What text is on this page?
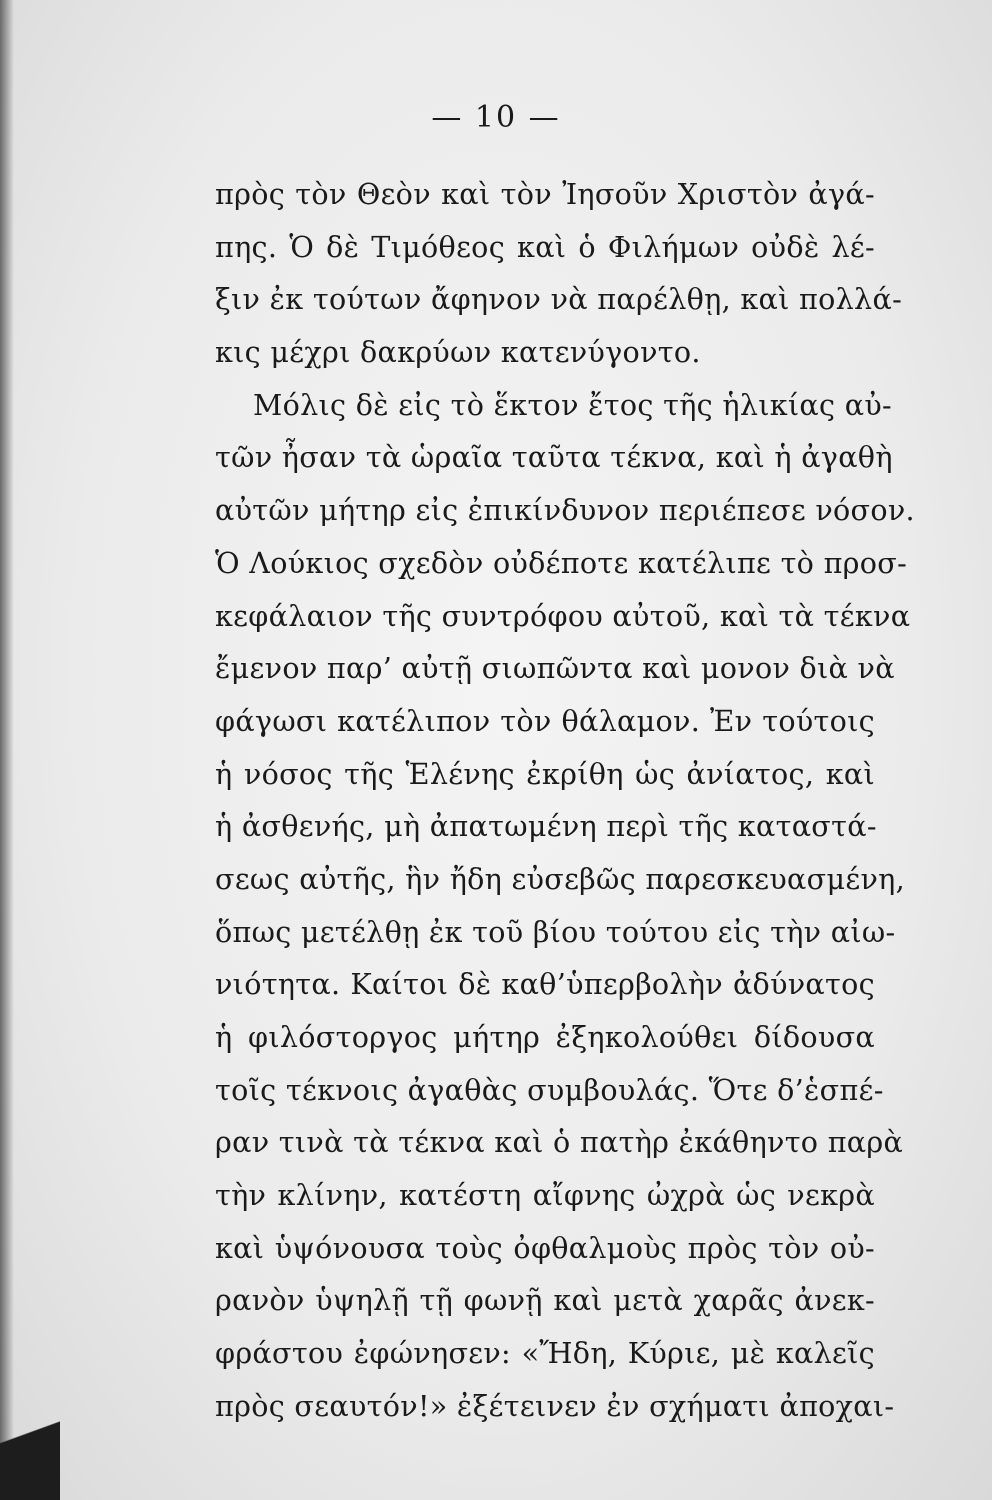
— 10 —
πρὸς τὸν Θεὸν καὶ τὸν Ἰησοῦν Χριστὸν ἀγά-
πης. Ὁ δὲ Τιμόθεος καὶ ὁ Φιλήμων οὐδὲ λέ-
ξιν ἐκ τούτων ἄφηνον νὰ παρέλθῃ, καὶ πολλά-
κις μέχρι δακρύων κατενύγοντο.
Μόλις δὲ εἰς τὸ ἕκτον ἔτος τῆς ἡλικίας αὐ-
τῶν ἦσαν τὰ ὡραῖα ταῦτα τέκνα, καὶ ἡ ἀγαθὴ
αὐτῶν μήτηρ εἰς ἐπικίνδυνον περιέπεσε νόσον.
Ὁ Λούκιος σχεδὸν οὐδέποτε κατέλιπε τὸ προσ-
κεφάλαιον τῆς συντρόφου αὐτοῦ, καὶ τὰ τέκνα
ἔμενον παρ’ αὐτῇ σιωπῶντα καὶ μονον διὰ νὰ
φάγωσι κατέλιπον τὸν θάλαμον. Ἐν τούτοις
ἡ νόσος τῆς Ἑλένης ἐκρίθη ὡς ἀνίατος, καὶ
ἡ ἀσθενής, μὴ ἀπατωμένη περὶ τῆς καταστά-
σεως αὐτῆς, ἣν ἤδη εὐσεβῶς παρεσκευασμένη,
ὅπως μετέλθῃ ἐκ τοῦ βίου τούτου εἰς τὴν αἰω-
νιότητα. Καίτοι δὲ καθ’ὑπερβολὴν ἀδύνατος
ἡ φιλόστοργος μήτηρ ἐξηκολούθει δίδουσα
τοῖς τέκνοις ἀγαθὰς συμβουλάς. Ὅτε δ’ἑσπέ-
ραν τινὰ τὰ τέκνα καὶ ὁ πατὴρ ἐκάθηντο παρὰ
τὴν κλίνην, κατέστη αἴφνης ὠχρὰ ὡς νεκρὰ
καὶ ὑψόνουσα τοὺς ὀφθαλμοὺς πρὸς τὸν οὐ-
ρανὸν ὑψηλῇ τῇ φωνῇ καὶ μετὰ χαρᾶς ἀνεκ-
φράστου ἐφώνησεν: «Ἤδη, Κύριε, μὲ καλεῖς
πρὸς σεαυτόν!» ἐξέτεινεν ἐν σχήματι ἀποχαι-
